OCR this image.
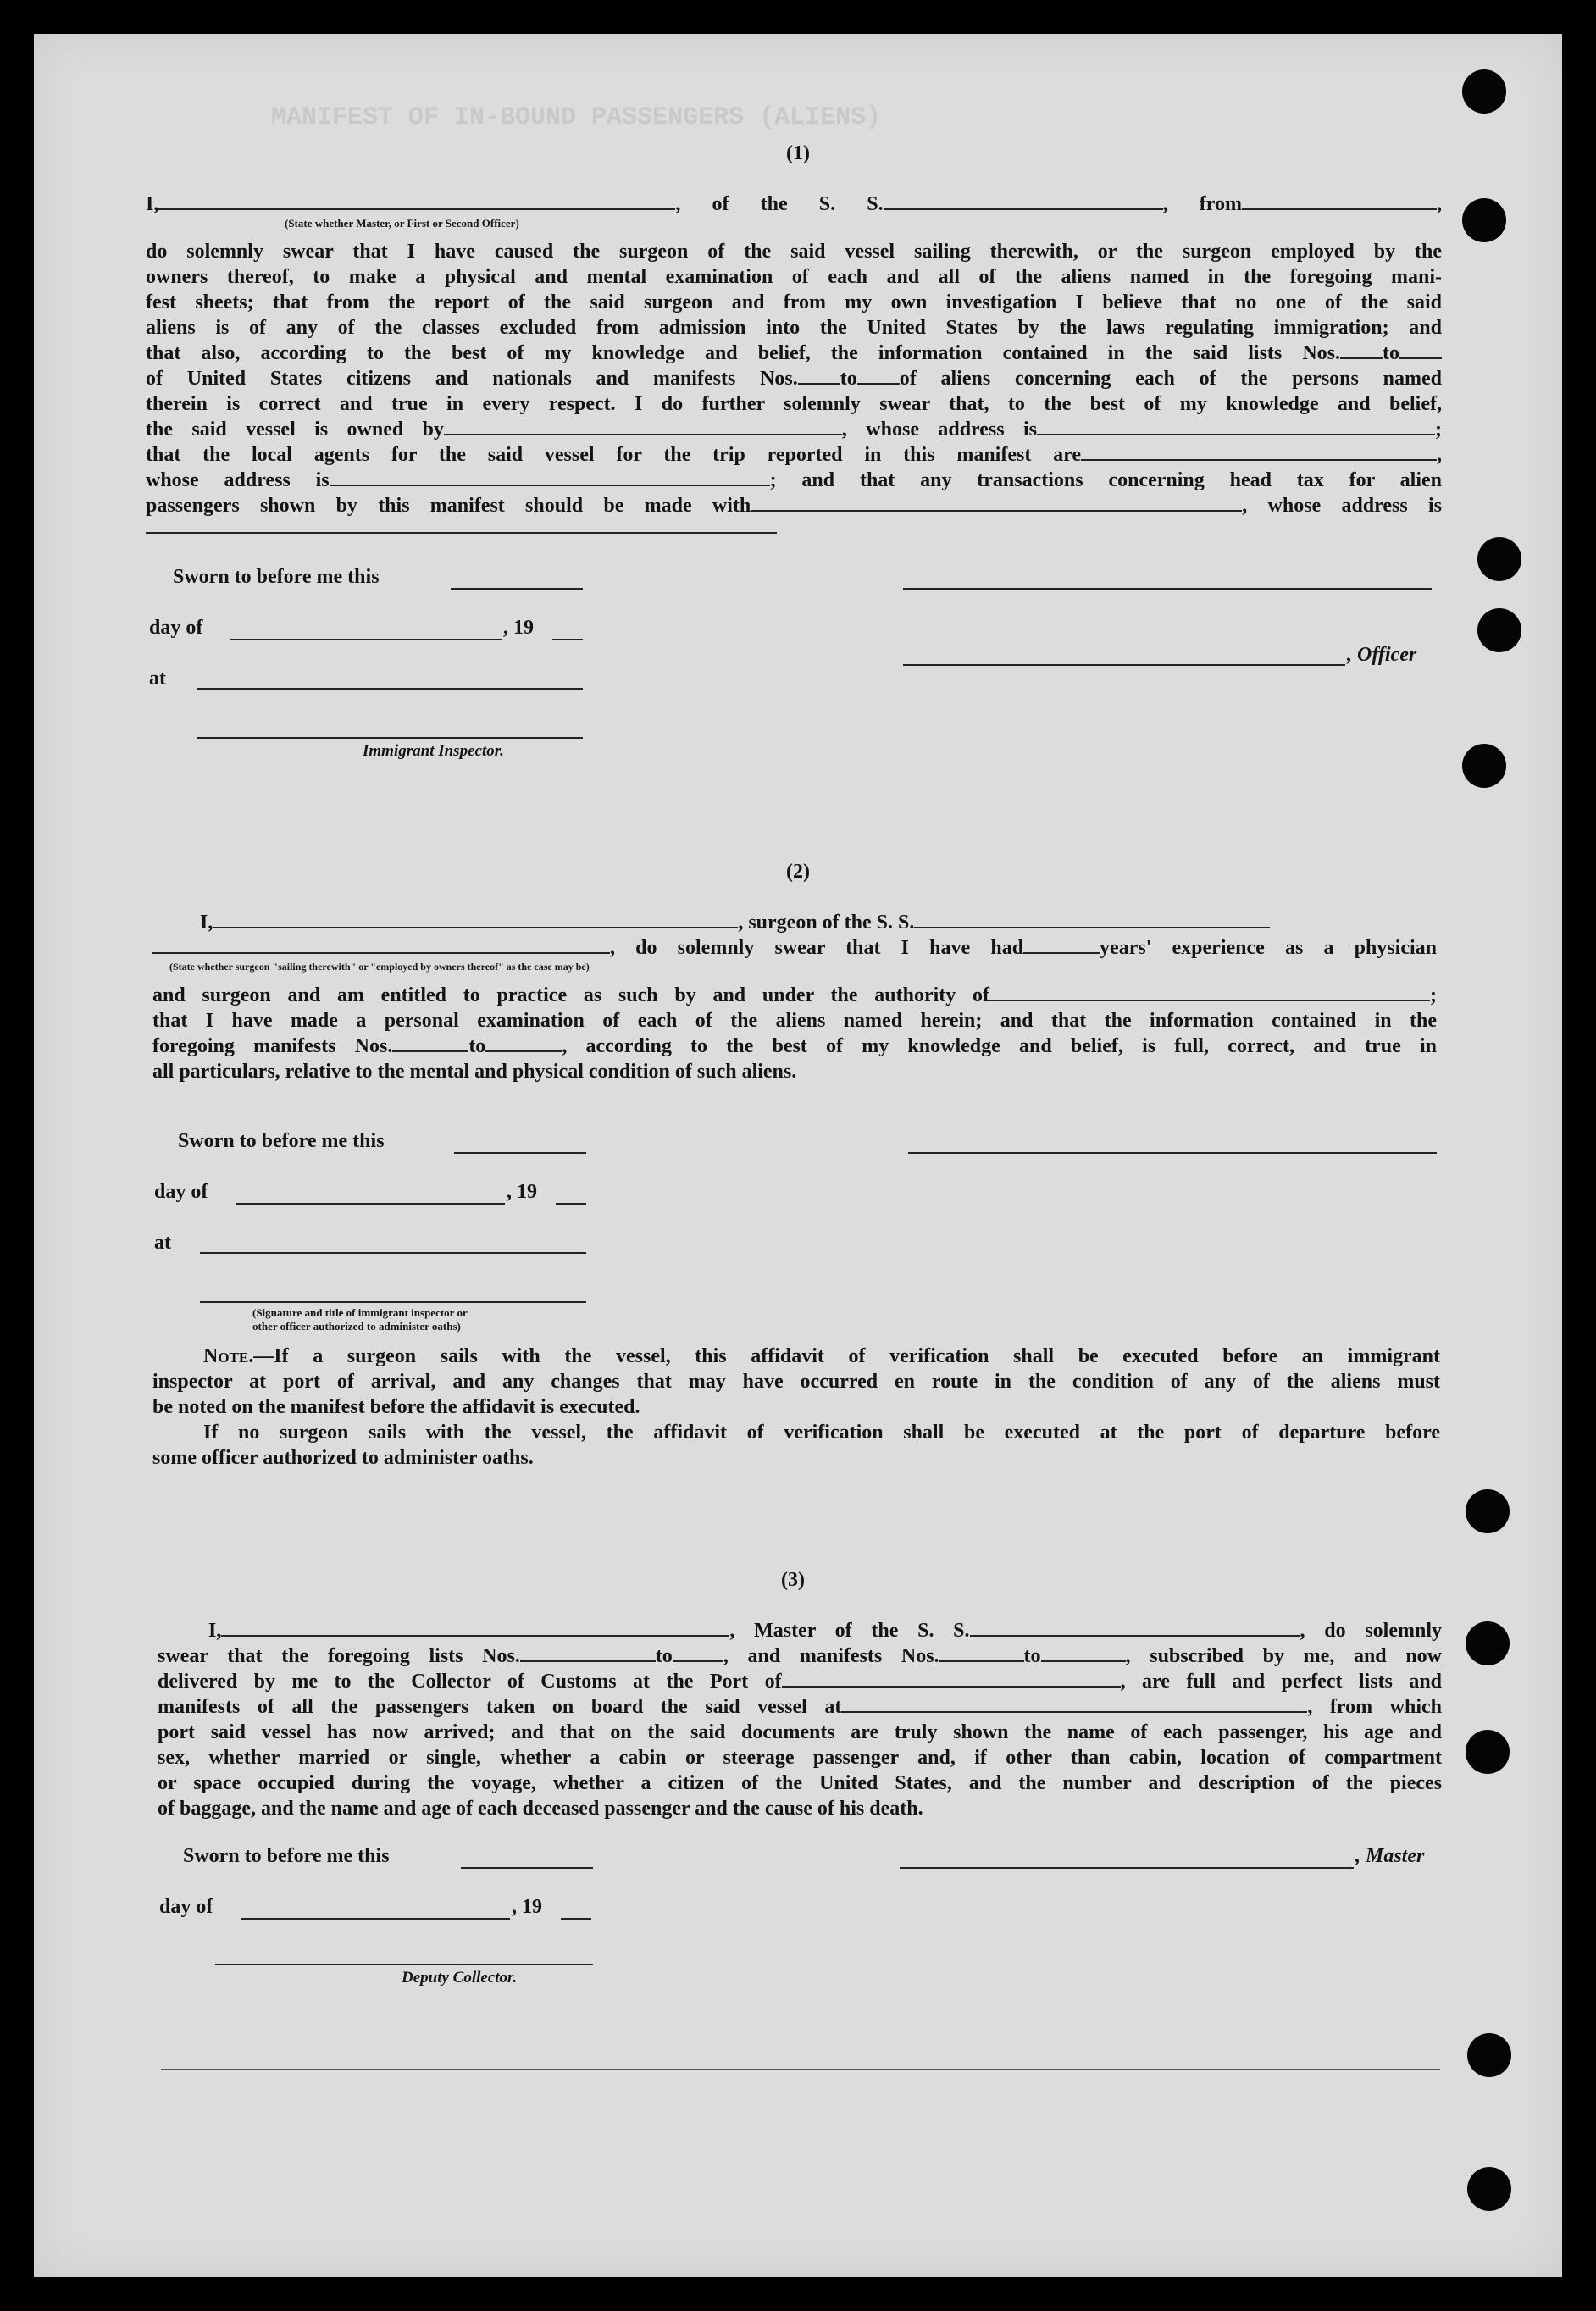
MANIFEST OF IN-BOUND PASSENGERS (ALIENS)
(1)
I,	, of the S. S.	, from	,
(State whether Master, or First or Second Officer)
do solemnly swear that I have caused the surgeon of the said vessel sailing therewith, or the surgeon employed by the
owners thereof, to make a physical and mental examination of each and all of the aliens named in the foregoing mani-
fest sheets; that from the report of the said surgeon and from my own investigation I believe that no one of the said
aliens is of any of the classes excluded from admission into the United States by the laws regulating immigration; and
that also, according to the best of my knowledge and belief, the information contained in the said lists Nos. to
of United States citizens and nationals and manifests Nos. to of aliens concerning each of the persons named
therein is correct and true in every respect. I do further solemnly swear that, to the best of my knowledge and belief,
the said vessel is owned by	, whose address is	;
that the local agents for the said vessel for the trip reported in this manifest are	,
whose address is	; and that any transactions concerning head tax for alien
passengers shown by this manifest should be made with	, whose address is
Sworn to before me this
day of	, 19
, Officer
at
Immigrant Inspector.
(2)
I,	, surgeon of the S. S.
, do solemnly swear that I have had	years' experience as a physician
(State whether surgeon "sailing therewith" or "employed by owners thereof" as the case may be)
and surgeon and am entitled to practice as such by and under the authority of	;
that I have made a personal examination of each of the aliens named herein; and that the information contained in the
foregoing manifests Nos.	to	, according to the best of my knowledge and belief, is full, correct, and true in
all particulars, relative to the mental and physical condition of such aliens.
Sworn to before me this
day of	, 19
at
(Signature and title of immigrant inspector or
other officer authorized to administer oaths)
Note.—If a surgeon sails with the vessel, this affidavit of verification shall be executed before an immigrant
inspector at port of arrival, and any changes that may have occurred en route in the condition of any of the aliens must
be noted on the manifest before the affidavit is executed.
If no surgeon sails with the vessel, the affidavit of verification shall be executed at the port of departure before
some officer authorized to administer oaths.
(3)
I,	, Master of the S. S.	, do solemnly
swear that the foregoing lists Nos.	to	, and manifests Nos.	to	, subscribed by me, and now
delivered by me to the Collector of Customs at the Port of	, are full and perfect lists and
manifests of all the passengers taken on board the said vessel at	, from which
port said vessel has now arrived; and that on the said documents are truly shown the name of each passenger, his age and
sex, whether married or single, whether a cabin or steerage passenger and, if other than cabin, location of compartment
or space occupied during the voyage, whether a citizen of the United States, and the number and description of the pieces
of baggage, and the name and age of each deceased passenger and the cause of his death.
Sworn to before me this	, Master
day of	, 19
Deputy Collector.
